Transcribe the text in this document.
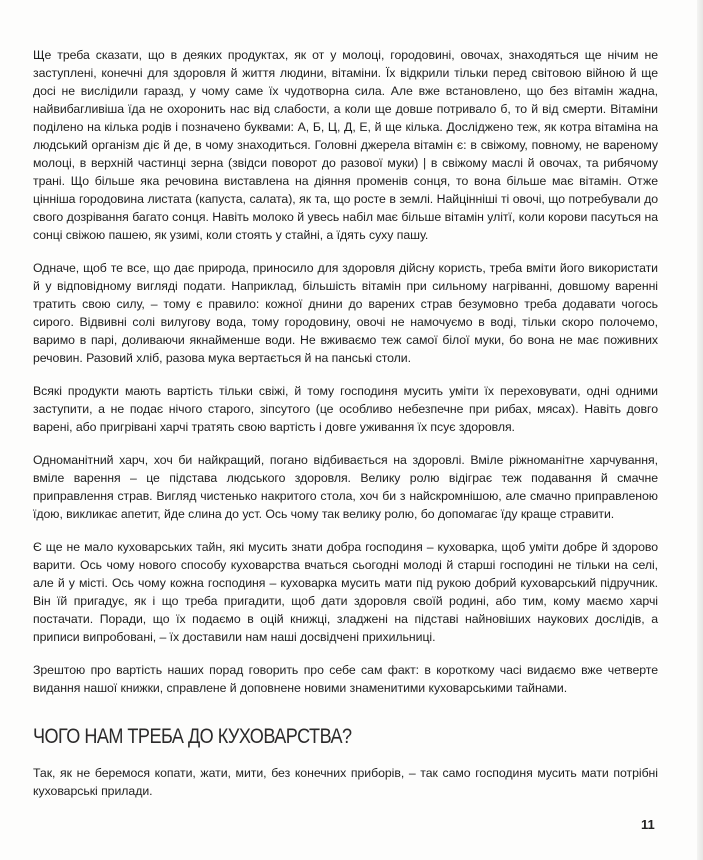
Ще треба сказати, що в деяких продуктах, як от у молоці, городовині, овочах, знаходяться ще нічим не заступлені, конечні для здоровля й життя людини, вітаміни. Їх відкрили тільки перед світовою війною й ще досі не вислідили гаразд, у чому саме їх чудотворна сила. Але вже встановлено, що без вітамін жадна, найвибагливіша їда не охоронить нас від слабости, а коли ще довше потривало б, то й від смерти. Вітаміни поділено на кілька родів і позначено буквами: А, Б, Ц, Д, Е, й ще кілька. Досліджено теж, як котра вітаміна на людський організм діє й де, в чому знаходиться. Головні джерела вітамін є: в свіжому, повному, не вареному молоці, в верхній частинці зерна (звідси поворот до разової муки) | в свіжому маслі й овочах, та рибячому трані. Що більше яка речовина виставлена на діяння променів сонця, то вона більше має вітамін. Отже цінніша городовина листата (капуста, салата), як та, що росте в землі. Найцінніші ті овочі, що потребували до свого дозрівання багато сонця. Навіть молоко й увесь набіл має більше вітамін улітї, коли корови пасуться на сонці свіжою пашею, як узимі, коли стоять у стайні, а їдять суху пашу.

Одначе, щоб те все, що дає природа, приносило для здоровля дійсну користь, треба вміти його використати й у відповідному вигляді подати. Наприклад, більшість вітамін при сильному нагріванні, довшому варенні тратить свою силу, – тому є правило: кожної днини до варених страв безумовно треба додавати чогось сирого. Відвивні солі вилугову вода, тому городовину, овочі не намочуємо в воді, тільки скоро полочемо, варимо в парі, доливаючи якнайменше води. Не вживаємо теж самої білої муки, бо вона не має поживних речовин. Разовий хліб, разова мука вертається й на панські столи.

Всякі продукти мають вартість тільки свіжі, й тому господиня мусить уміти їх переховувати, одні одними заступити, а не подає нічого старого, зіпсутого (це особливо небезпечне при рибах, мясах). Навіть довго варені, або пригрівані харчі тратять свою вартість і довге уживання їх псує здоровля.

Одноманітний харч, хоч би найкращий, погано відбивається на здоровлі. Вміле ріжноманітне харчування, вміле варення – це підстава людського здоровля. Велику ролю відіграє теж подавання й смачне приправлення страв. Вигляд чистенько накритого стола, хоч би з найскромнішою, але смачно приправленою їдою, викликає апетит, йде слина до уст. Ось чому так велику ролю, бо допомагає їду краще стравити.

Є ще не мало куховарських тайн, які мусить знати добра господиня – куховарка, щоб уміти добре й здорово варити. Ось чому нового способу куховарства вчаться сьогодні молоді й старші господині не тільки на селі, але й у місті. Ось чому кожна господиня – куховарка мусить мати під рукою добрий куховарський підручник. Він їй пригадує, як і що треба пригадити, щоб дати здоровля своїй родині, або тим, кому маємо харчі постачати. Поради, що їх подаємо в оцій книжці, зладжені на підставі найновіших наукових дослідів, а приписи випробовані, – їх доставили нам наші досвідчені прихильниці.

Зрештою про вартість наших порад говорить про себе сам факт: в короткому часі видаємо вже четверте видання нашої книжки, справлене й доповнене новими знаменитими куховарськими тайнами.

ЧОГО НАМ ТРЕБА ДО КУХОВАРСТВА?

Так, як не беремося копати, жати, мити, без конечних приборів, – так само господиня мусить мати потрібні куховарські прилади.

11
